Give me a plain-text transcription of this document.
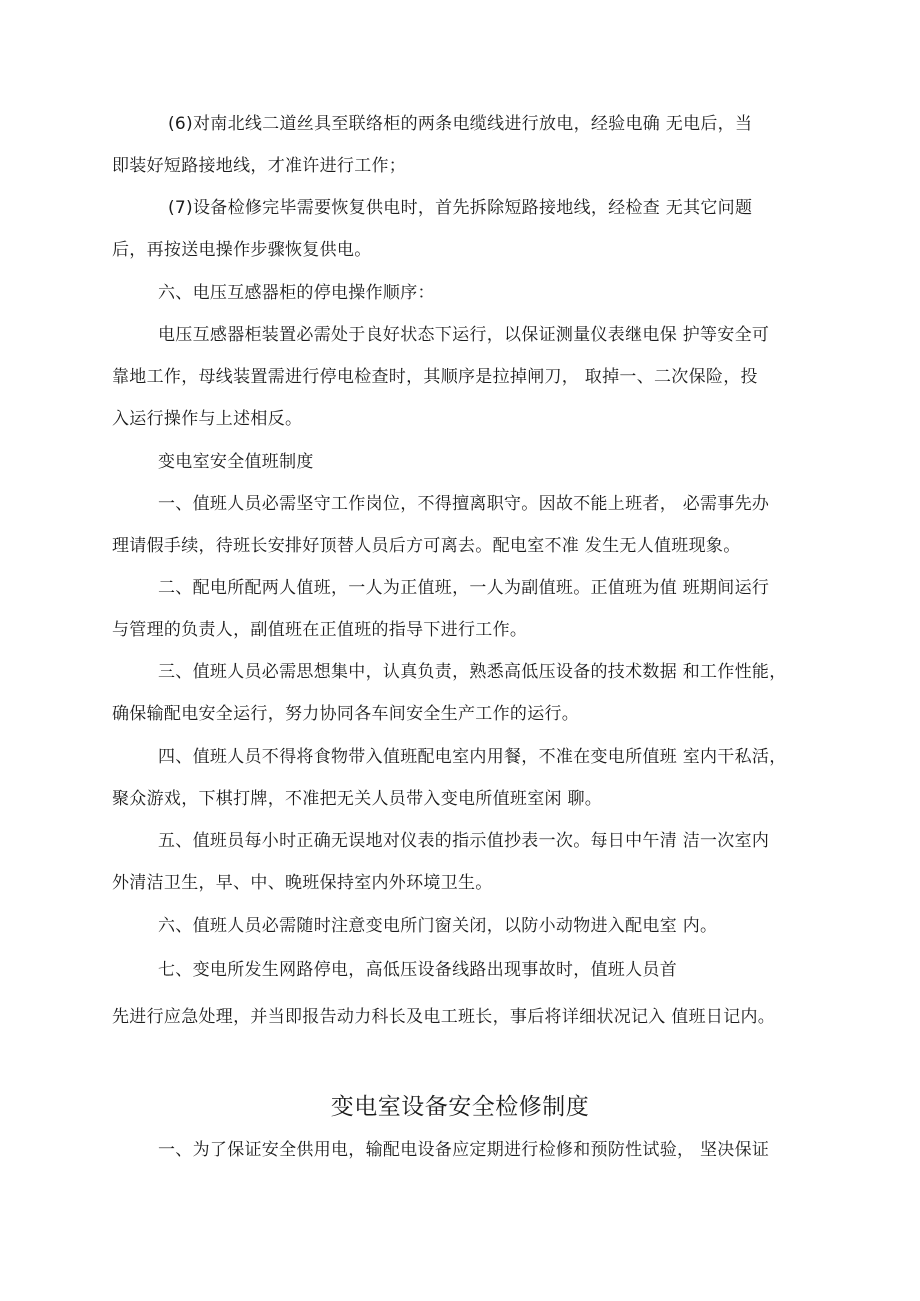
(6)对南北线二道丝具至联络柜的两条电缆线进行放电，经验电确 无电后，当
即装好短路接地线，才准许进行工作；
(7)设备检修完毕需要恢复供电时，首先拆除短路接地线，经检查 无其它问题
后，再按送电操作步骤恢复供电。
六、电压互感器柜的停电操作顺序：
电压互感器柜装置必需处于良好状态下运行，以保证测量仪表继电保 护等安全可
靠地工作，母线装置需进行停电检查时，其顺序是拉掉闸刀， 取掉一、二次保险，投
入运行操作与上述相反。
变电室安全值班制度
一、值班人员必需坚守工作岗位，不得擅离职守。因故不能上班者， 必需事先办
理请假手续，待班长安排好顶替人员后方可离去。配电室不准 发生无人值班现象。
二、配电所配两人值班，一人为正值班，一人为副值班。正值班为值 班期间运行
与管理的负责人，副值班在正值班的指导下进行工作。
三、值班人员必需思想集中，认真负责，熟悉高低压设备的技术数据 和工作性能，
确保输配电安全运行，努力协同各车间安全生产工作的运行。
四、值班人员不得将食物带入值班配电室内用餐，不准在变电所值班 室内干私活，
聚众游戏，下棋打牌，不准把无关人员带入变电所值班室闲 聊。
五、值班员每小时正确无误地对仪表的指示值抄表一次。每日中午清 洁一次室内
外清洁卫生，早、中、晚班保持室内外环境卫生。
六、值班人员必需随时注意变电所门窗关闭，以防小动物进入配电室 内。
七、变电所发生网路停电，高低压设备线路出现事故时，值班人员首
先进行应急处理，并当即报告动力科长及电工班长，事后将详细状况记入 值班日记内。
变电室设备安全检修制度
一、为了保证安全供用电，输配电设备应定期进行检修和预防性试验， 坚决保证
